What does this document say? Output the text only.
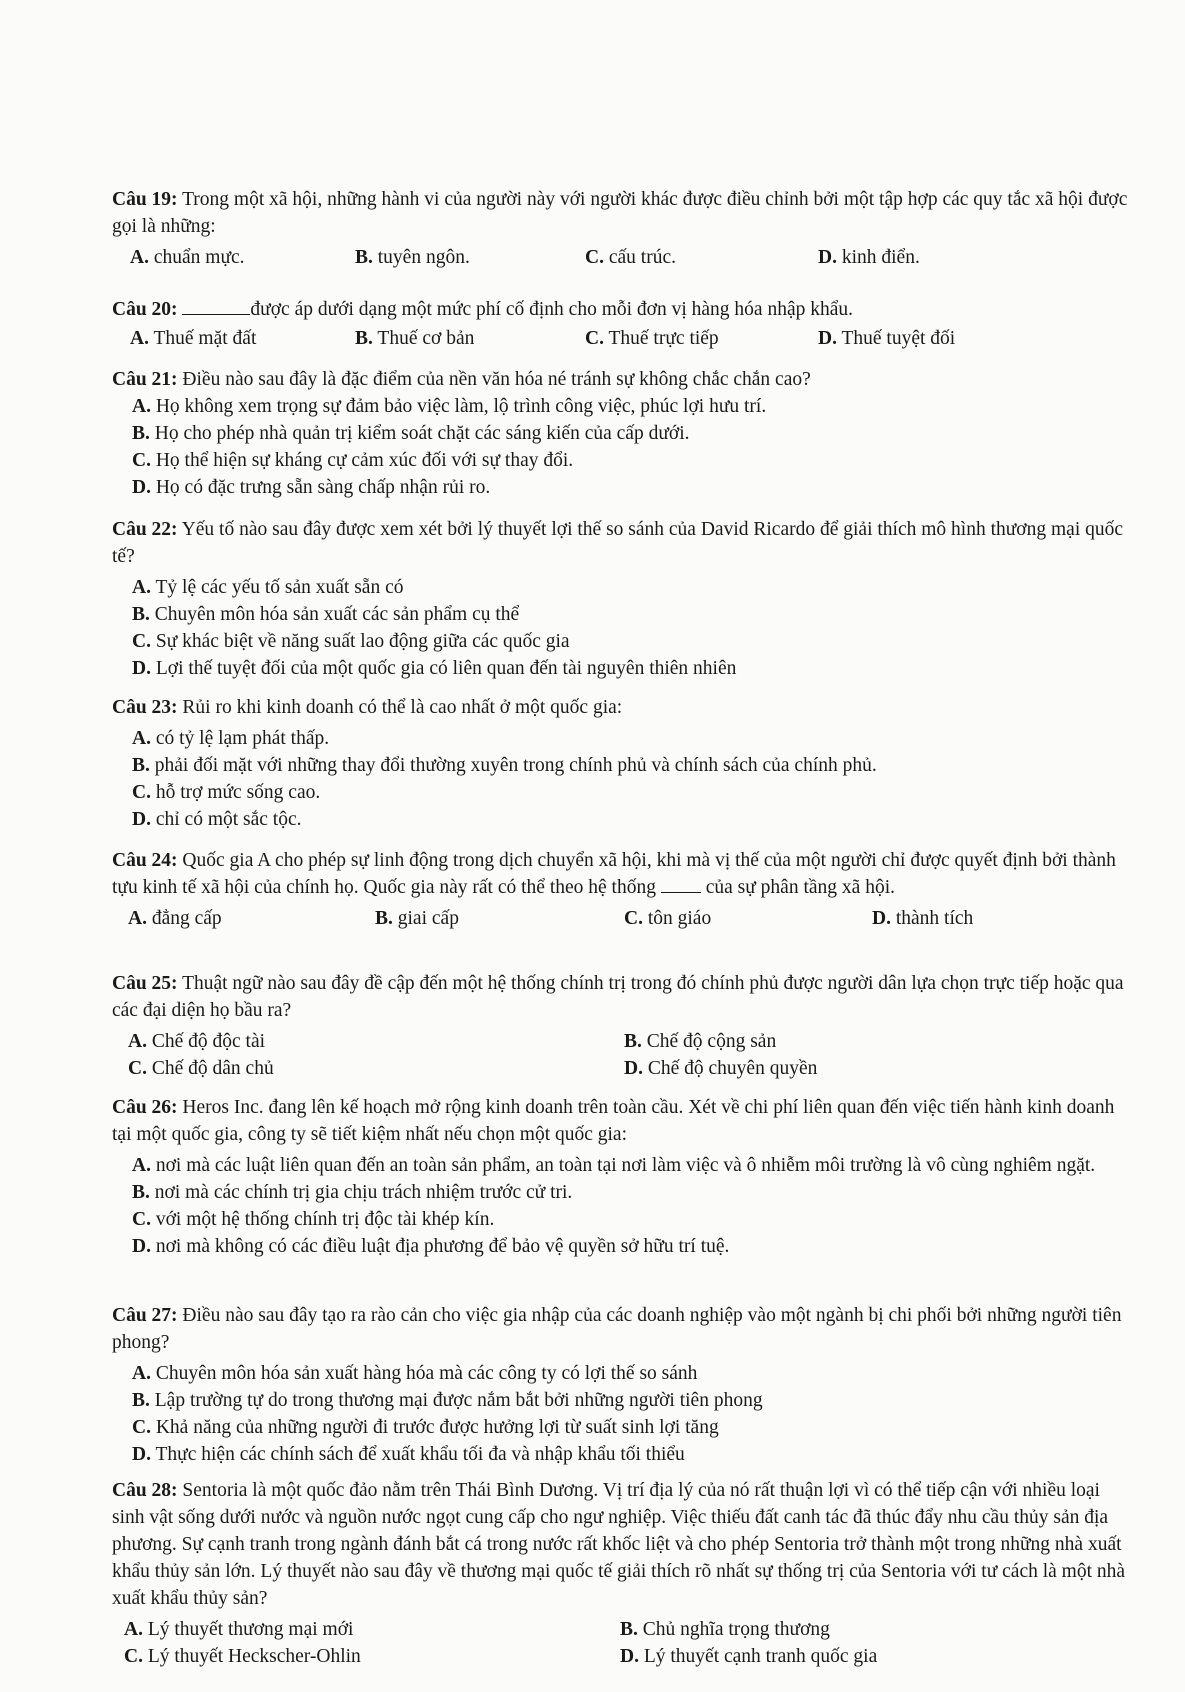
Câu 19: Trong một xã hội, những hành vi của người này với người khác được điều chỉnh bởi một tập hợp các quy tắc xã hội được gọi là những:
A. chuẩn mực.	B. tuyên ngôn.	C. cấu trúc.	D. kinh điển.
Câu 20:	được áp dưới dạng một mức phí cố định cho mỗi đơn vị hàng hóa nhập khẩu.
A. Thuế mặt đất	B. Thuế cơ bản	C. Thuế trực tiếp	D. Thuế tuyệt đối
Câu 21: Điều nào sau đây là đặc điểm của nền văn hóa né tránh sự không chắc chắn cao?
A. Họ không xem trọng sự đảm bảo việc làm, lộ trình công việc, phúc lợi hưu trí.
B. Họ cho phép nhà quản trị kiểm soát chặt các sáng kiến của cấp dưới.
C. Họ thể hiện sự kháng cự cảm xúc đối với sự thay đổi.
D. Họ có đặc trưng sẵn sàng chấp nhận rủi ro.
Câu 22: Yếu tố nào sau đây được xem xét bởi lý thuyết lợi thế so sánh của David Ricardo để giải thích mô hình thương mại quốc tế?
A. Tỷ lệ các yếu tố sản xuất sẵn có
B. Chuyên môn hóa sản xuất các sản phẩm cụ thể
C. Sự khác biệt về năng suất lao động giữa các quốc gia
D. Lợi thế tuyệt đối của một quốc gia có liên quan đến tài nguyên thiên nhiên
Câu 23: Rủi ro khi kinh doanh có thể là cao nhất ở một quốc gia:
A. có tỷ lệ lạm phát thấp.
B. phải đối mặt với những thay đổi thường xuyên trong chính phủ và chính sách của chính phủ.
C. hỗ trợ mức sống cao.
D. chỉ có một sắc tộc.
Câu 24: Quốc gia A cho phép sự linh động trong dịch chuyển xã hội, khi mà vị thế của một người chỉ được quyết định bởi thành tựu kinh tế xã hội của chính họ. Quốc gia này rất có thể theo hệ thống  của sự phân tầng xã hội.
A. đẳng cấp	B. giai cấp	C. tôn giáo	D. thành tích
Câu 25: Thuật ngữ nào sau đây đề cập đến một hệ thống chính trị trong đó chính phủ được người dân lựa chọn trực tiếp hoặc qua các đại diện họ bầu ra?
A. Chế độ độc tài	B. Chế độ cộng sản
C. Chế độ dân chủ	D. Chế độ chuyên quyền
Câu 26: Heros Inc. đang lên kế hoạch mở rộng kinh doanh trên toàn cầu. Xét về chi phí liên quan đến việc tiến hành kinh doanh tại một quốc gia, công ty sẽ tiết kiệm nhất nếu chọn một quốc gia:
A. nơi mà các luật liên quan đến an toàn sản phẩm, an toàn tại nơi làm việc và ô nhiễm môi trường là vô cùng nghiêm ngặt.
B. nơi mà các chính trị gia chịu trách nhiệm trước cử tri.
C. với một hệ thống chính trị độc tài khép kín.
D. nơi mà không có các điều luật địa phương để bảo vệ quyền sở hữu trí tuệ.
Câu 27: Điều nào sau đây tạo ra rào cản cho việc gia nhập của các doanh nghiệp vào một ngành bị chi phối bởi những người tiên phong?
A. Chuyên môn hóa sản xuất hàng hóa mà các công ty có lợi thế so sánh
B. Lập trường tự do trong thương mại được nắm bắt bởi những người tiên phong
C. Khả năng của những người đi trước được hưởng lợi từ suất sinh lợi tăng
D. Thực hiện các chính sách để xuất khẩu tối đa và nhập khẩu tối thiểu
Câu 28: Sentoria là một quốc đảo nằm trên Thái Bình Dương. Vị trí địa lý của nó rất thuận lợi vì có thể tiếp cận với nhiều loại sinh vật sống dưới nước và nguồn nước ngọt cung cấp cho ngư nghiệp. Việc thiếu đất canh tác đã thúc đẩy nhu cầu thủy sản địa phương. Sự cạnh tranh trong ngành đánh bắt cá trong nước rất khốc liệt và cho phép Sentoria trở thành một trong những nhà xuất khẩu thủy sản lớn. Lý thuyết nào sau đây về thương mại quốc tế giải thích rõ nhất sự thống trị của Sentoria với tư cách là một nhà xuất khẩu thủy sản?
A. Lý thuyết thương mại mới	B. Chủ nghĩa trọng thương
C. Lý thuyết Heckscher-Ohlin	D. Lý thuyết cạnh tranh quốc gia
